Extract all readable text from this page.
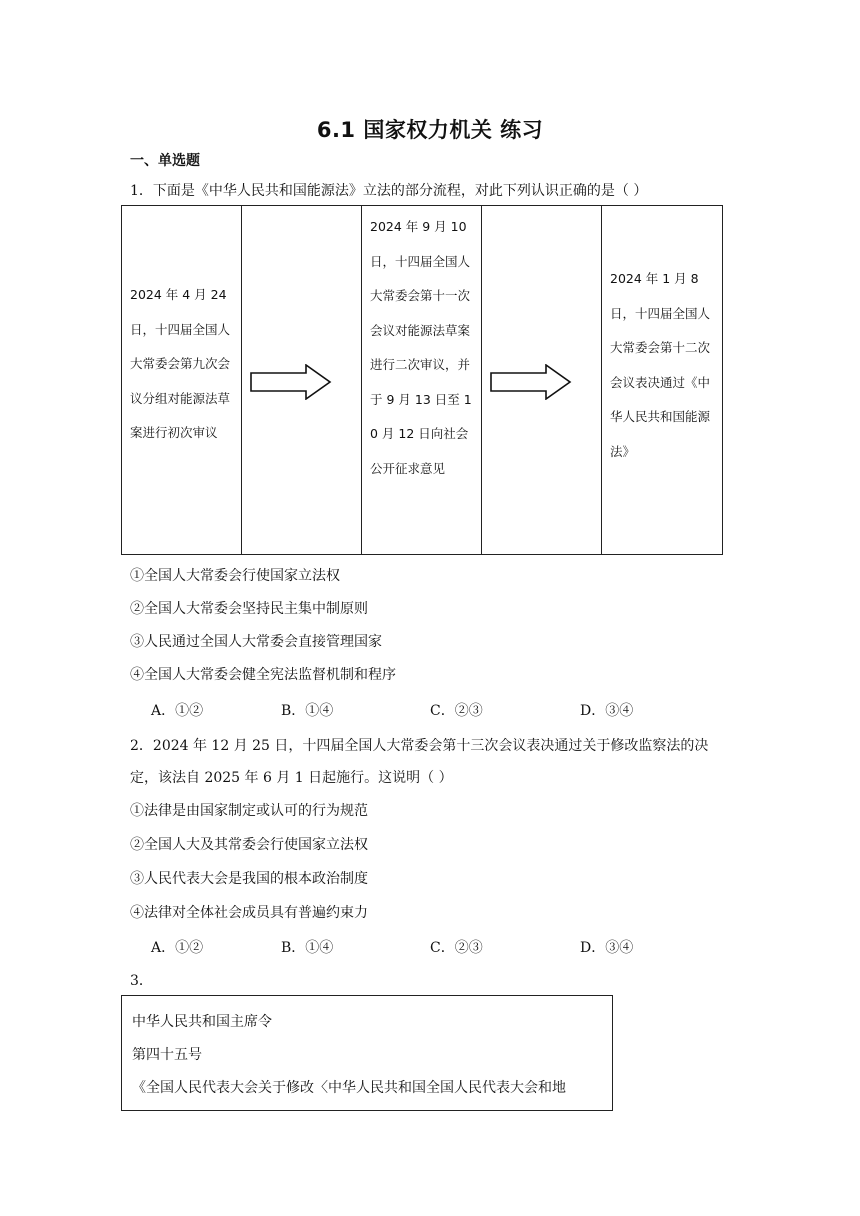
6.1 国家权力机关 练习
一、单选题
1．下面是《中华人民共和国能源法》立法的部分流程，对此下列认识正确的是（ ）
2024 年 4 月 24 日，十四届全国人大常委会第九次会议分组对能源法草案进行初次审议
2024 年 9 月 10 日，十四届全国人大常委会第十一次会议对能源法草案进行二次审议，并于 9 月 13 日至 10 月 12 日向社会公开征求意见
2024 年 1 月 8 日，十四届全国人大常委会第十二次会议表决通过《中华人民共和国能源法》
①全国人大常委会行使国家立法权
②全国人大常委会坚持民主集中制原则
③人民通过全国人大常委会直接管理国家
④全国人大常委会健全宪法监督机制和程序
A．①②	B．①④	C．②③	D．③④
2．2024 年 12 月 25 日，十四届全国人大常委会第十三次会议表决通过关于修改监察法的决
定，该法自 2025 年 6 月 1 日起施行。这说明（ ）
①法律是由国家制定或认可的行为规范
②全国人大及其常委会行使国家立法权
③人民代表大会是我国的根本政治制度
④法律对全体社会成员具有普遍约束力
A．①②	B．①④	C．②③	D．③④
3．
中华人民共和国主席令
第四十五号
《全国人民代表大会关于修改〈中华人民共和国全国人民代表大会和地
